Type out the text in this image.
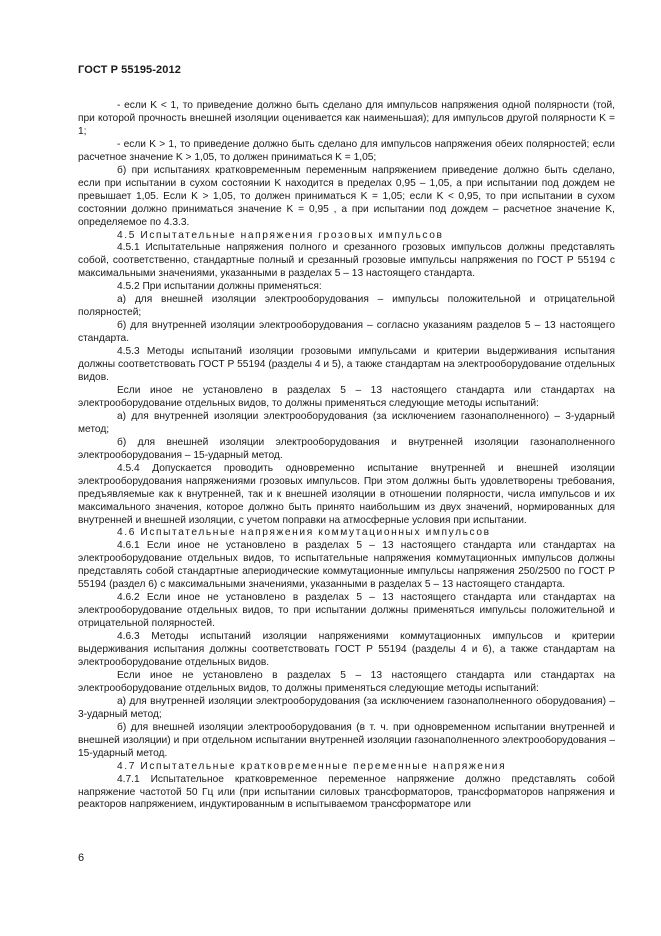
ГОСТ Р 55195-2012

- если K < 1, то приведение должно быть сделано для импульсов напряжения одной полярности (той, при которой прочность внешней изоляции оценивается как наименьшая); для импульсов другой полярности K = 1;

- если K > 1, то приведение должно быть сделано для импульсов напряжения обеих полярностей; если расчетное значение K > 1,05, то должен приниматься K = 1,05;

б) при испытаниях кратковременным переменным напряжением приведение должно быть сделано, если при испытании в сухом состоянии K находится в пределах 0,95 – 1,05, а при испытании под дождем не превышает 1,05. Если K > 1,05, то должен приниматься K = 1,05; если K < 0,95, то при испытании в сухом состоянии должно приниматься значение K = 0,95 , а при испытании под дождем – расчетное значение K, определяемое по 4.3.3.

4.5 Испытательные напряжения грозовых импульсов

4.5.1 Испытательные напряжения полного и срезанного грозовых импульсов должны представлять собой, соответственно, стандартные полный и срезанный грозовые импульсы напряжения по ГОСТ Р 55194 с максимальными значениями, указанными в разделах 5 – 13 настоящего стандарта.

4.5.2 При испытании должны применяться:

а) для внешней изоляции электрооборудования – импульсы положительной и отрицательной полярностей;

б) для внутренней изоляции электрооборудования – согласно указаниям разделов 5 – 13 настоящего стандарта.

4.5.3 Методы испытаний изоляции грозовыми импульсами и критерии выдерживания испытания должны соответствовать ГОСТ Р 55194 (разделы 4 и 5), а также стандартам на электрооборудование отдельных видов.

Если иное не установлено в разделах 5 – 13 настоящего стандарта или стандартах на электрооборудование отдельных видов, то должны применяться следующие методы испытаний:

а) для внутренней изоляции электрооборудования (за исключением газонаполненного) – 3-ударный метод;

б) для внешней изоляции электрооборудования и внутренней изоляции газонаполненного электрооборудования – 15-ударный метод.

4.5.4 Допускается проводить одновременно испытание внутренней и внешней изоляции электрооборудования напряжениями грозовых импульсов. При этом должны быть удовлетворены требования, предъявляемые как к внутренней, так и к внешней изоляции в отношении полярности, числа импульсов и их максимального значения, которое должно быть принято наибольшим из двух значений, нормированных для внутренней и внешней изоляции, с учетом поправки на атмосферные условия при испытании.

4.6 Испытательные напряжения коммутационных импульсов

4.6.1 Если иное не установлено в разделах 5 – 13 настоящего стандарта или стандартах на электрооборудование отдельных видов, то испытательные напряжения коммутационных импульсов должны представлять собой стандартные апериодические коммутационные импульсы напряжения 250/2500 по ГОСТ Р 55194 (раздел 6) с максимальными значениями, указанными в разделах 5 – 13 настоящего стандарта.

4.6.2 Если иное не установлено в разделах 5 – 13 настоящего стандарта или стандартах на электрооборудование отдельных видов, то при испытании должны применяться импульсы положительной и отрицательной полярностей.

4.6.3 Методы испытаний изоляции напряжениями коммутационных импульсов и критерии выдерживания испытания должны соответствовать ГОСТ Р 55194 (разделы 4 и 6), а также стандартам на электрооборудование отдельных видов.

Если иное не установлено в разделах 5 – 13 настоящего стандарта или стандартах на электрооборудование отдельных видов, то должны применяться следующие методы испытаний:

а) для внутренней изоляции электрооборудования (за исключением газонаполненного оборудования) – 3-ударный метод;

б) для внешней изоляции электрооборудования (в т. ч. при одновременном испытании внутренней и внешней изоляции) и при отдельном испытании внутренней изоляции газонаполненного электрооборудования – 15-ударный метод.

4.7 Испытательные кратковременные переменные напряжения

4.7.1 Испытательное кратковременное переменное напряжение должно представлять собой напряжение частотой 50 Гц или (при испытании силовых трансформаторов, трансформаторов напряжения и реакторов напряжением, индуктированным в испытываемом трансформаторе или

6
